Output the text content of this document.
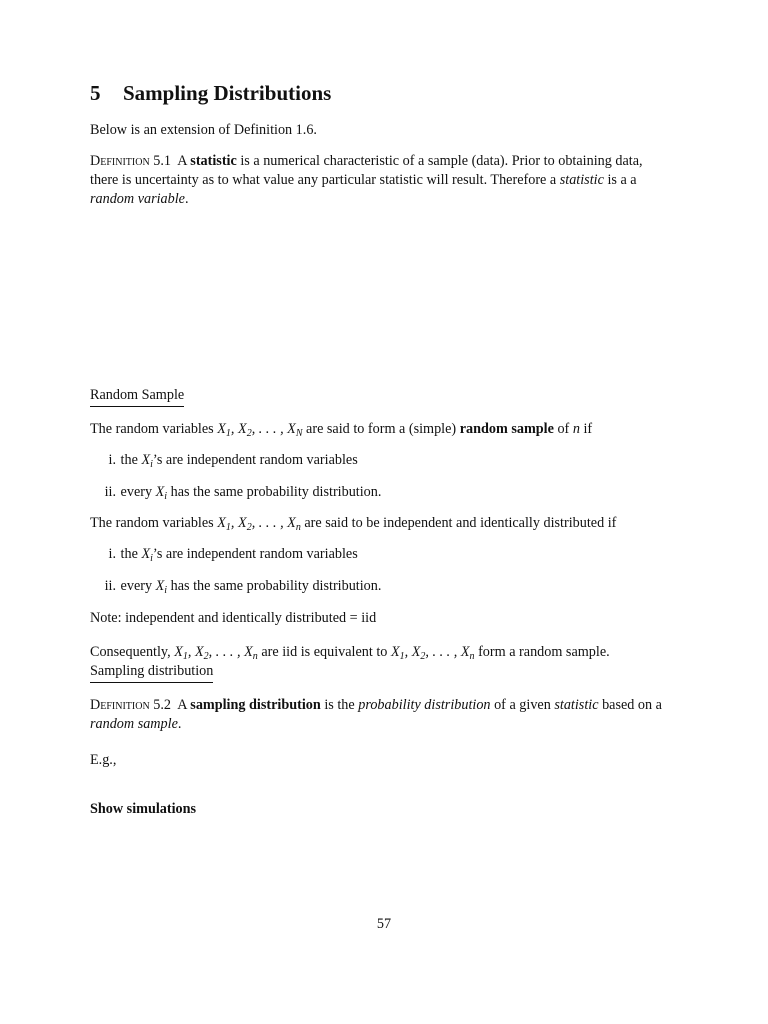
5 Sampling Distributions
Below is an extension of Definition 1.6.
Definition 5.1 A statistic is a numerical characteristic of a sample (data). Prior to obtaining data, there is uncertainty as to what value any particular statistic will result. Therefore a statistic is a a random variable.
Random Sample
The random variables $X_1$, $X_2$, . . . , $X_N$ are said to form a (simple) random sample of n if
i. the $X_i’s$ are independent random variables
ii. every $X_i$ has the same probability distribution.
The random variables $X_1$, $X_2$, . . . , $X_n$ are said to be independent and identically distributed if
i. the $X_i’s$ are independent random variables
ii. every $X_i$ has the same probability distribution.
Note: independent and identically distributed = iid
Consequently, $X_1$, $X_2$, . . . , $X_n$ are iid is equivalent to $X_1$, $X_2$, . . . , $X_n$ form a random sample.
Sampling distribution
Definition 5.2 A sampling distribution is the probability distribution of a given statistic based on a random sample.
E.g.,
Show simulations
57
